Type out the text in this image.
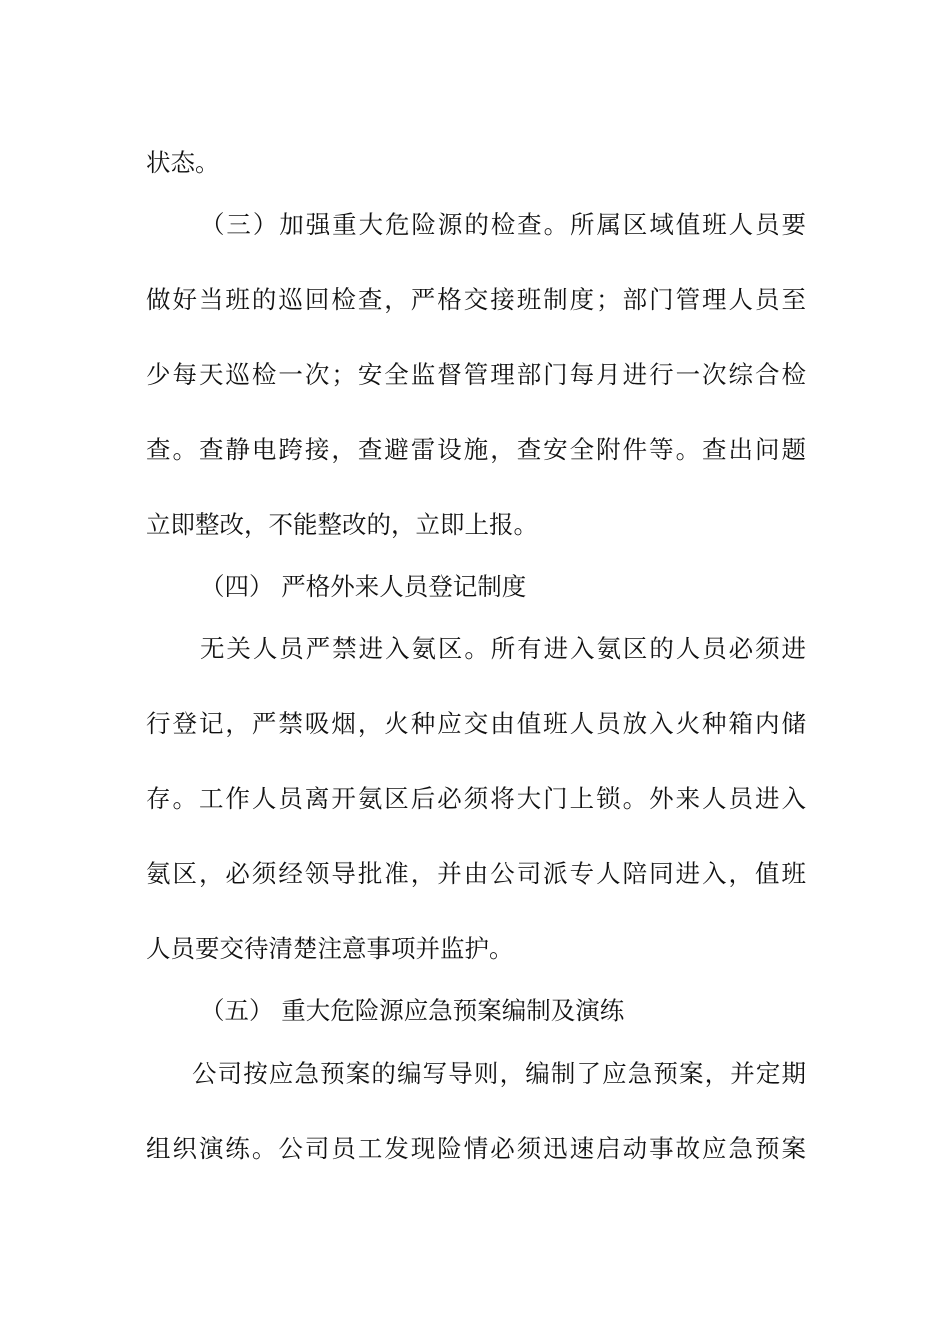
状态。
（三）加强重大危险源的检查。所属区域值班人员要
做好当班的巡回检查，严格交接班制度；部门管理人员至
少每天巡检一次；安全监督管理部门每月进行一次综合检
查。查静电跨接，查避雷设施，查安全附件等。查出问题
立即整改，不能整改的，立即上报。
（四） 严格外来人员登记制度
无关人员严禁进入氨区。所有进入氨区的人员必须进
行登记，严禁吸烟，火种应交由值班人员放入火种箱内储
存。工作人员离开氨区后必须将大门上锁。外来人员进入
氨区，必须经领导批准，并由公司派专人陪同进入，值班
人员要交待清楚注意事项并监护。
（五） 重大危险源应急预案编制及演练
公司按应急预案的编写导则，编制了应急预案，并定期
组织演练。公司员工发现险情必须迅速启动事故应急预案
